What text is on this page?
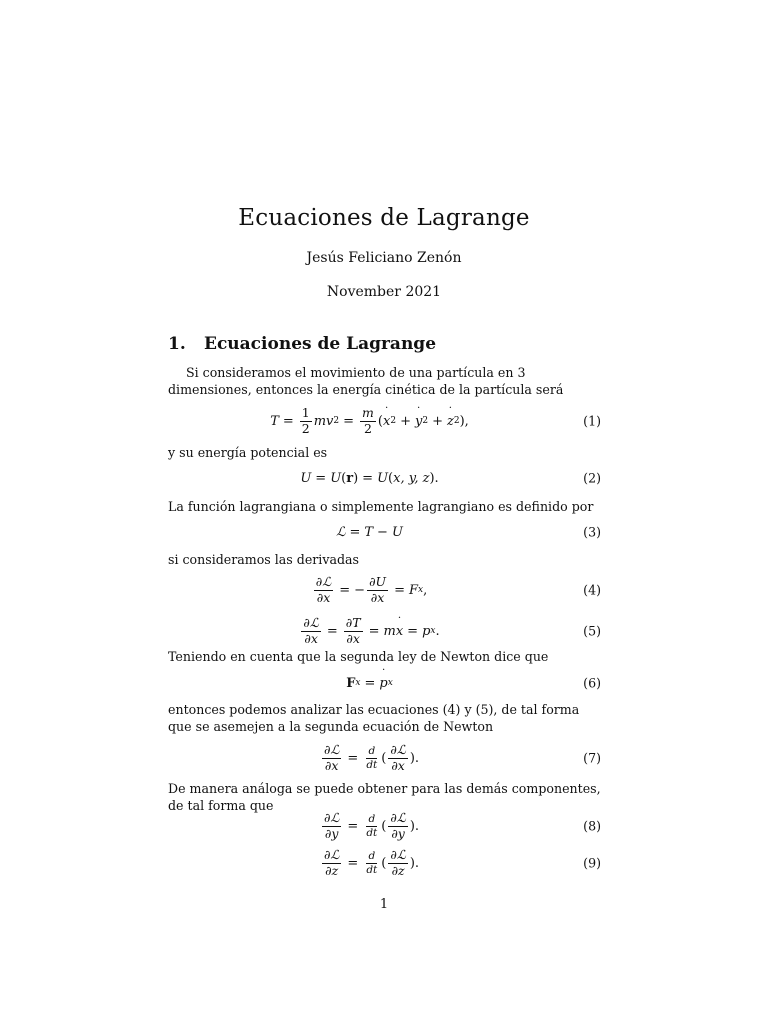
Ecuaciones de Lagrange
Jesús Feliciano Zenón
November 2021
1. Ecuaciones de Lagrange
Si consideramos el movimiento de una partícula en 3 dimensiones, entonces la energía cinética de la partícula será
$T = \frac{1}{2}$ mv $2 = \frac{m}{2}$ ( x ˙ 2 + y ˙ 2 + z ˙ 2 ),	(1)
y su energía potencial es
U = U ( r ) = U ( x, y, z ).	(2)
La función lagrangiana o simplemente lagrangiano es definido por
ℒ = T − U	(3)
si consideramos las derivadas
$\frac{\text{∂ℒ}}{\partial x}$ = − $\frac{\partial U}{\partial x} = F$ x ,	(4)
$\frac{\text{∂ℒ}}{\partial x}$ ˙ = $\frac{\partial T}{\partial x}$ ˙ = m x ˙ = p x .	(5)
Teniendo en cuenta que la segunda ley de Newton dice que
F x = p ˙ x	(6)
entonces podemos analizar las ecuaciones (4) y (5), de tal forma que se asemejen a la segunda ecuación de Newton
$\frac{\text{∂ℒ}}{\partial x} = \frac{d}{dt}$ ( $\frac{\text{∂ℒ}}{\partial x}$ ˙ ).	(7)
De manera análoga se puede obtener para las demás componentes, de tal forma que
$\frac{\text{∂ℒ}}{\partial y} = \frac{d}{dt}$ ( $\frac{\text{∂ℒ}}{\partial y}$ ˙ ).	(8)
$\frac{\text{∂ℒ}}{\partial z} = \frac{d}{dt}$ ( $\frac{\text{∂ℒ}}{\partial z}$ ˙ ).	(9)
1
